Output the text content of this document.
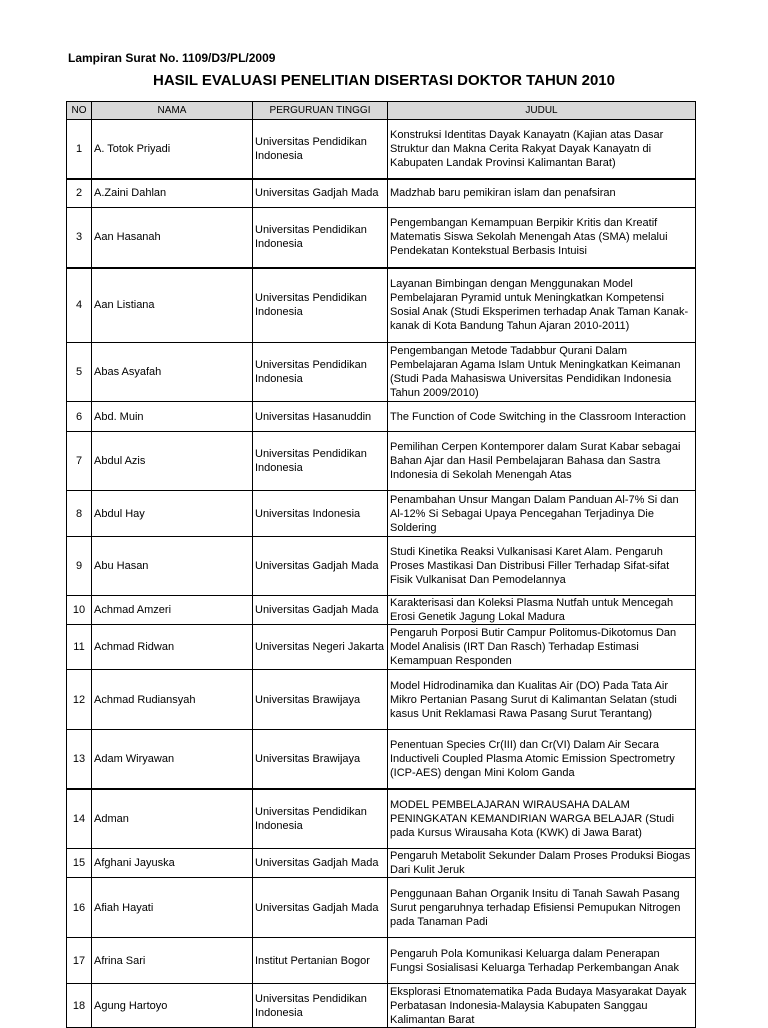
Lampiran Surat No. 1109/D3/PL/2009
HASIL EVALUASI PENELITIAN DISERTASI DOKTOR TAHUN 2010
NO	NAMA	PERGURUAN TINGGI	JUDUL
1	A. Totok Priyadi	Universitas Pendidikan Indonesia	Konstruksi Identitas Dayak Kanayatn (Kajian atas Dasar Struktur dan Makna Cerita Rakyat Dayak Kanayatn di Kabupaten Landak Provinsi Kalimantan Barat)
2	A.Zaini Dahlan	Universitas Gadjah Mada	Madzhab baru pemikiran islam dan penafsiran
3	Aan Hasanah	Universitas Pendidikan Indonesia	Pengembangan Kemampuan Berpikir Kritis dan Kreatif Matematis Siswa Sekolah Menengah Atas (SMA) melalui Pendekatan Kontekstual Berbasis Intuisi
4	Aan Listiana	Universitas Pendidikan Indonesia	Layanan Bimbingan dengan Menggunakan Model Pembelajaran Pyramid untuk Meningkatkan Kompetensi Sosial Anak (Studi Eksperimen terhadap Anak Taman Kanak-kanak di Kota Bandung Tahun Ajaran 2010-2011)
5	Abas Asyafah	Universitas Pendidikan Indonesia	Pengembangan Metode Tadabbur Qurani Dalam Pembelajaran Agama Islam Untuk Meningkatkan Keimanan (Studi Pada Mahasiswa Universitas Pendidikan Indonesia Tahun 2009/2010)
6	Abd. Muin	Universitas Hasanuddin	The Function of Code Switching in the Classroom Interaction
7	Abdul Azis	Universitas Pendidikan Indonesia	Pemilihan Cerpen Kontemporer dalam Surat Kabar sebagai Bahan Ajar dan Hasil Pembelajaran Bahasa dan Sastra Indonesia di Sekolah Menengah Atas
8	Abdul Hay	Universitas Indonesia	Penambahan Unsur Mangan Dalam Panduan Al-7% Si dan Al-12% Si Sebagai Upaya Pencegahan Terjadinya Die Soldering
9	Abu Hasan	Universitas Gadjah Mada	Studi Kinetika Reaksi Vulkanisasi Karet Alam. Pengaruh Proses Mastikasi Dan Distribusi Filler Terhadap Sifat-sifat Fisik Vulkanisat Dan Pemodelannya
10	Achmad Amzeri	Universitas Gadjah Mada	Karakterisasi dan Koleksi Plasma Nutfah untuk Mencegah Erosi Genetik Jagung Lokal Madura
11	Achmad Ridwan	Universitas Negeri Jakarta	Pengaruh Porposi Butir Campur Politomus-Dikotomus Dan Model Analisis (IRT Dan Rasch) Terhadap Estimasi Kemampuan Responden
12	Achmad Rudiansyah	Universitas Brawijaya	Model Hidrodinamika dan Kualitas Air (DO) Pada Tata Air Mikro Pertanian Pasang Surut di Kalimantan Selatan (studi kasus Unit Reklamasi Rawa Pasang Surut Terantang)
13	Adam Wiryawan	Universitas Brawijaya	Penentuan Species Cr(III) dan Cr(VI) Dalam Air Secara Inductiveli Coupled Plasma Atomic Emission Spectrometry (ICP-AES) dengan Mini Kolom Ganda
14	Adman	Universitas Pendidikan Indonesia	MODEL PEMBELAJARAN WIRAUSAHA DALAM PENINGKATAN KEMANDIRIAN WARGA BELAJAR (Studi pada Kursus Wirausaha Kota (KWK) di Jawa Barat)
15	Afghani Jayuska	Universitas Gadjah Mada	Pengaruh Metabolit Sekunder Dalam Proses Produksi Biogas Dari Kulit Jeruk
16	Afiah Hayati	Universitas Gadjah Mada	Penggunaan Bahan Organik Insitu di Tanah Sawah Pasang Surut pengaruhnya terhadap Efisiensi Pemupukan Nitrogen pada Tanaman Padi
17	Afrina Sari	Institut Pertanian Bogor	Pengaruh Pola Komunikasi Keluarga dalam Penerapan Fungsi Sosialisasi Keluarga Terhadap Perkembangan Anak
18	Agung Hartoyo	Universitas Pendidikan Indonesia	Eksplorasi Etnomatematika Pada Budaya Masyarakat Dayak Perbatasan Indonesia-Malaysia Kabupaten Sanggau Kalimantan Barat
